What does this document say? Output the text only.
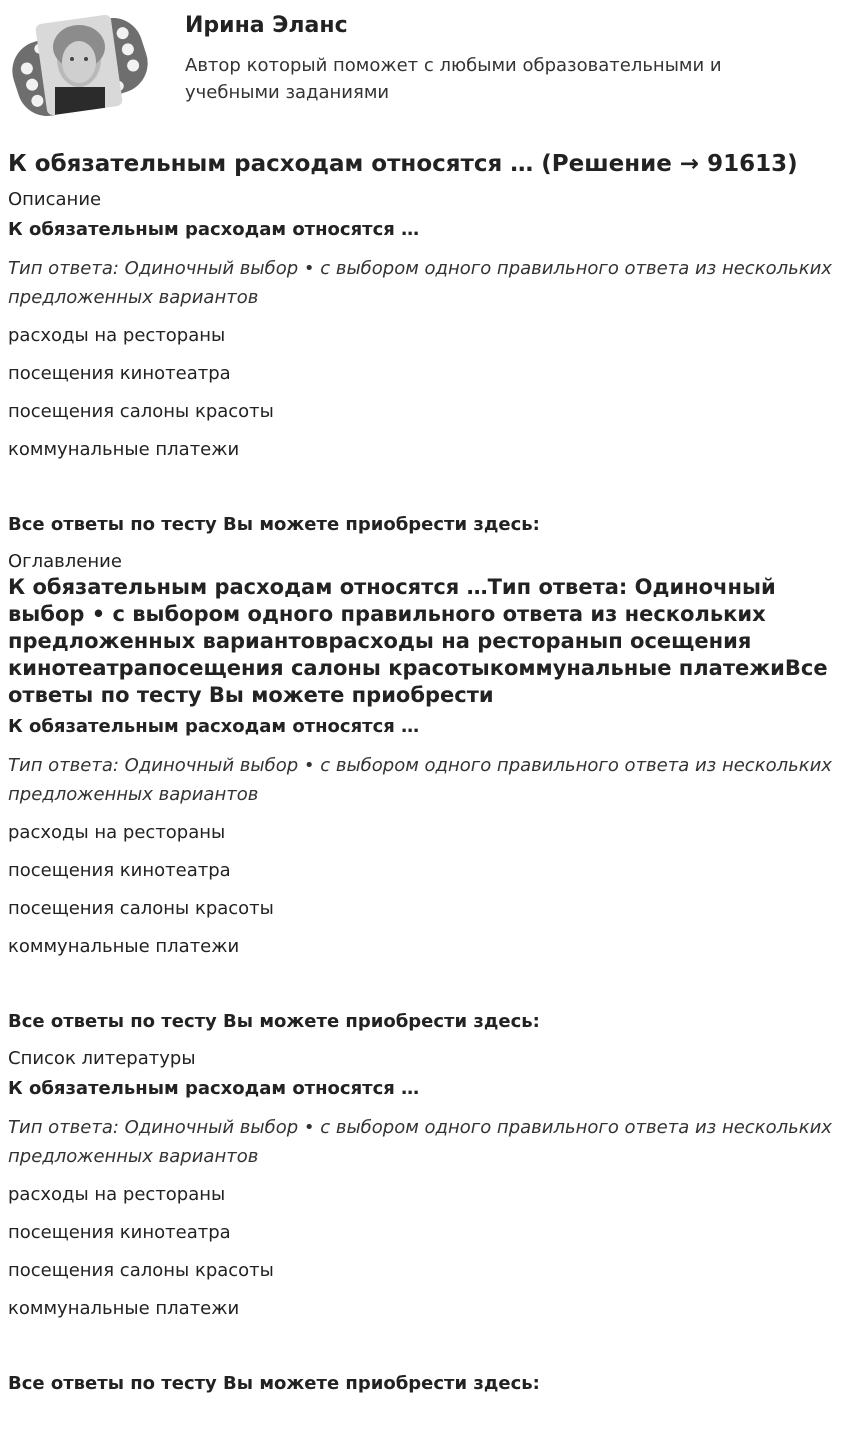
Ирина Эланс
Автор который поможет с любыми образовательными и учебными заданиями
К обязательным расходам относятся … (Решение → 91613)
Описание
К обязательным расходам относятся …
Тип ответа: Одиночный выбор • с выбором одного правильного ответа из нескольких предложенных вариантов
расходы на рестораны
посещения кинотеатра
посещения салоны красоты
коммунальные платежи
Все ответы по тесту Вы можете приобрести здесь:
Оглавление
К обязательным расходам относятся …Тип ответа: Одиночный выбор • с выбором одного правильного ответа из нескольких предложенных вариантоврасходы на ресторанып осещения кинотеатрапосещения салоны красотыкоммунальные платежиВсе ответы по тесту Вы можете приобрести
К обязательным расходам относятся …
Тип ответа: Одиночный выбор • с выбором одного правильного ответа из нескольких предложенных вариантов
расходы на рестораны
посещения кинотеатра
посещения салоны красоты
коммунальные платежи
Все ответы по тесту Вы можете приобрести здесь:
Список литературы
К обязательным расходам относятся …
Тип ответа: Одиночный выбор • с выбором одного правильного ответа из нескольких предложенных вариантов
расходы на рестораны
посещения кинотеатра
посещения салоны красоты
коммунальные платежи
Все ответы по тесту Вы можете приобрести здесь:
